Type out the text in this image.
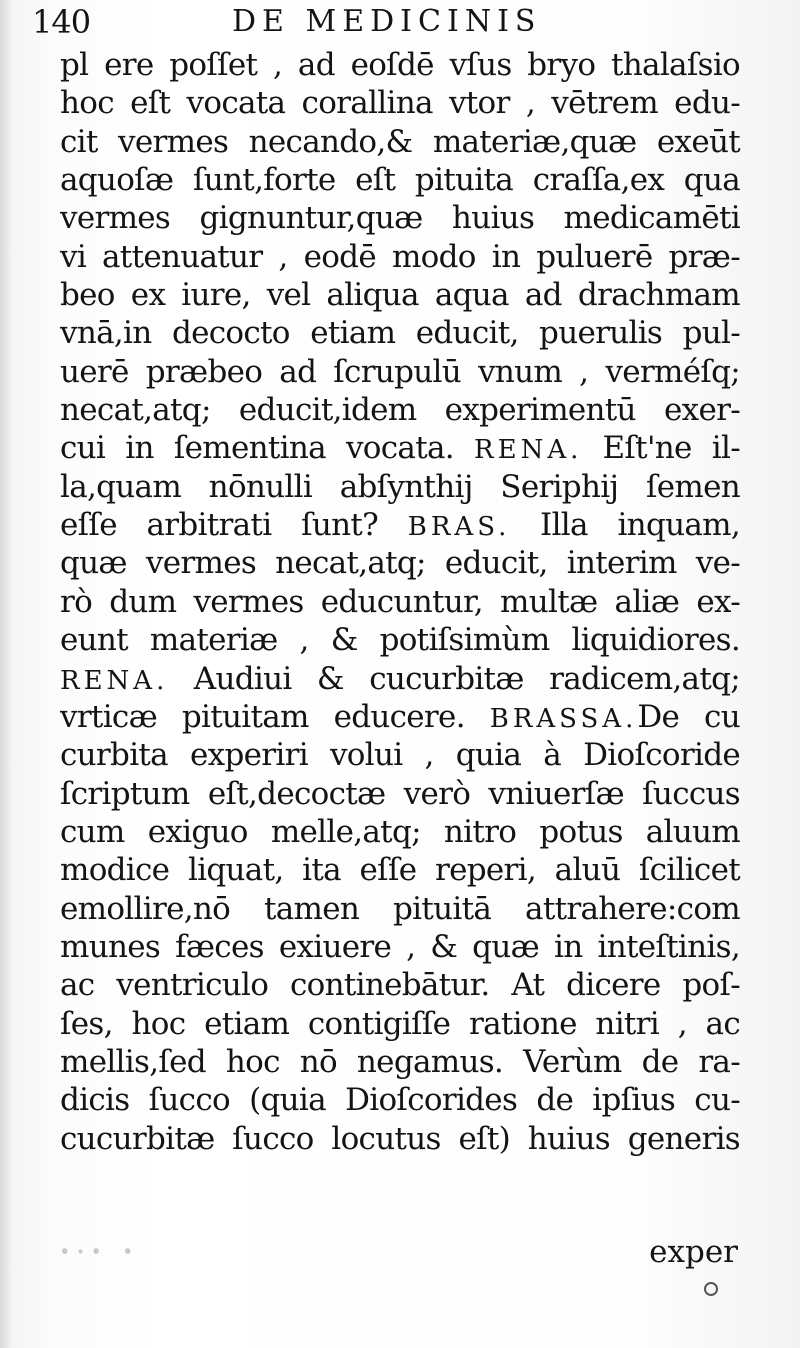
140	DE MEDICINIS
pl ere poſſet , ad eoſdē vſus bryo thalaſsio
hoc eſt vocata corallina vtor , vētrem edu-
cit vermes necando,& materiæ,quæ exeūt
aquoſæ ſunt,forte eſt pituita craſſa,ex qua
vermes gignuntur,quæ huius medicamēti
vi attenuatur , eodē modo in puluerē præ-
beo ex iure, vel aliqua aqua ad drachmam
vnā,in decocto etiam educit, puerulis pul-
uerē præbeo ad ſcrupulū vnum , verméſq;
necat,atq; educit,idem experimentū exer-
cui in ſementina vocata. RENA. Eſt'ne il-
la,quam nōnulli abſynthij Seriphij ſemen
eſſe arbitrati ſunt? BRAS. Illa inquam,
quæ vermes necat,atq; educit, interim ve-
rò dum vermes educuntur, multæ aliæ ex-
eunt materiæ , & potiſsimùm liquidiores.
RENA. Audiui & cucurbitæ radicem,atq;
vrticæ pituitam educere. BRASSA.De cu
curbita experiri volui , quia à Dioſcoride
ſcriptum eſt,decoctæ verò vniuerſæ ſuccus
cum exiguo melle,atq; nitro potus aluum
modice liquat, ita eſſe reperi, aluū ſcilicet
emollire,nō tamen pituitā attrahere:com
munes fæces exiuere , & quæ in inteſtinis,
ac ventriculo continebātur. At dicere poſ-
ſes, hoc etiam contigiſſe ratione nitri , ac
mellis,ſed hoc nō negamus. Verùm de ra-
dicis ſucco (quia Dioſcorides de ipſius cu-
cucurbitæ ſucco locutus eſt) huius generis
ꞏ·ꞏ ꞏ	exper
